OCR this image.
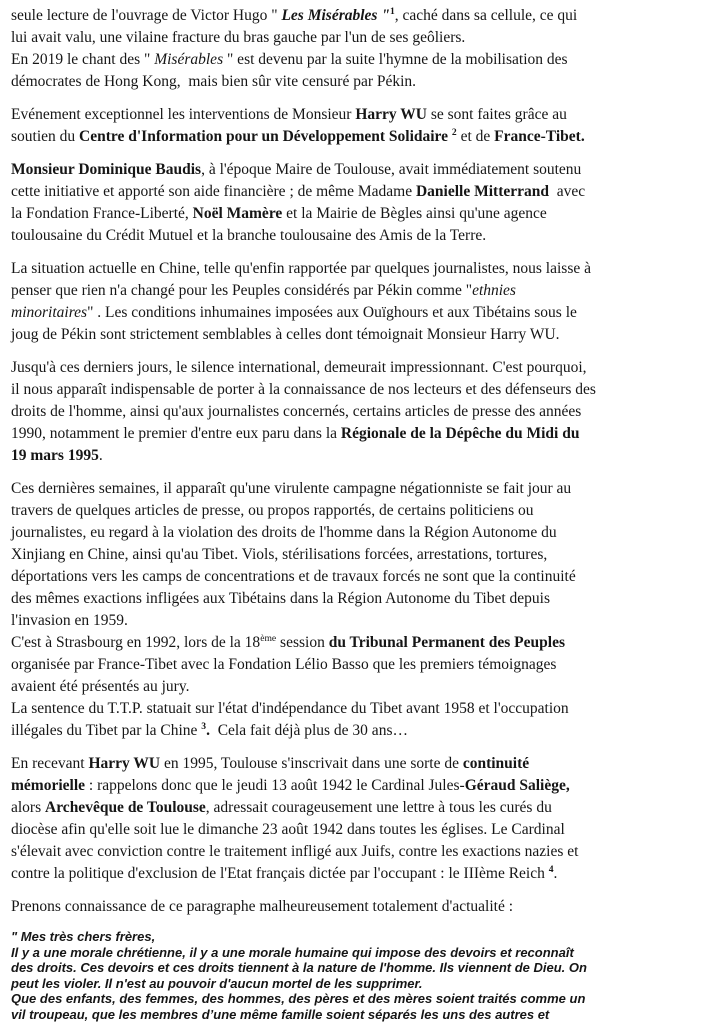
seule lecture de l'ouvrage de Victor Hugo " Les Misérables "$^1$, caché dans sa cellule, ce qui
lui avait valu, une vilaine fracture du bras gauche par l'un de ses geôliers.
En 2019 le chant des " Misérables " est devenu par la suite l'hymne de la mobilisation des
démocrates de Hong Kong,  mais bien sûr vite censuré par Pékin.
Evénement exceptionnel les interventions de Monsieur Harry WU se sont faites grâce au
soutien du Centre d'Information pour un Développement Solidaire $^2$ et de France-Tibet.
Monsieur Dominique Baudis, à l'époque Maire de Toulouse, avait immédiatement soutenu
cette initiative et apporté son aide financière ; de même Madame Danielle Mitterrand  avec
la Fondation France-Liberté, Noël Mamère et la Mairie de Bègles ainsi qu'une agence
toulousaine du Crédit Mutuel et la branche toulousaine des Amis de la Terre.
La situation actuelle en Chine, telle qu'enfin rapportée par quelques journalistes, nous laisse à
penser que rien n'a changé pour les Peuples considérés par Pékin comme "ethnies
minoritaires" . Les conditions inhumaines imposées aux Ouïghours et aux Tibétains sous le
joug de Pékin sont strictement semblables à celles dont témoignait Monsieur Harry WU.
Jusqu'à ces derniers jours, le silence international, demeurait impressionnant. C'est pourquoi,
il nous apparaît indispensable de porter à la connaissance de nos lecteurs et des défenseurs des
droits de l'homme, ainsi qu'aux journalistes concernés, certains articles de presse des années
1990, notamment le premier d'entre eux paru dans la Régionale de la Dépêche du Midi du
19 mars 1995.
Ces dernières semaines, il apparaît qu'une virulente campagne négationniste se fait jour au
travers de quelques articles de presse, ou propos rapportés, de certains politiciens ou
journalistes, eu regard à la violation des droits de l'homme dans la Région Autonome du
Xinjiang en Chine, ainsi qu'au Tibet. Viols, stérilisations forcées, arrestations, tortures,
déportations vers les camps de concentrations et de travaux forcés ne sont que la continuité
des mêmes exactions infligées aux Tibétains dans la Région Autonome du Tibet depuis
l'invasion en 1959.
C'est à Strasbourg en 1992, lors de la 18ème session du Tribunal Permanent des Peuples
organisée par France-Tibet avec la Fondation Lélio Basso que les premiers témoignages
avaient été présentés au jury.
La sentence du T.T.P. statuait sur l'état d'indépendance du Tibet avant 1958 et l'occupation
illégales du Tibet par la Chine $^3$.  Cela fait déjà plus de 30 ans…
En recevant Harry WU en 1995, Toulouse s'inscrivait dans une sorte de continuité
mémorielle : rappelons donc que le jeudi 13 août 1942 le Cardinal Jules-Géraud Saliège,
alors Archevêque de Toulouse, adressait courageusement une lettre à tous les curés du
diocèse afin qu'elle soit lue le dimanche 23 août 1942 dans toutes les églises. Le Cardinal
s'élevait avec conviction contre le traitement infligé aux Juifs, contre les exactions nazies et
contre la politique d'exclusion de l'Etat français dictée par l'occupant : le IIIème Reich $^4$.
Prenons connaissance de ce paragraphe malheureusement totalement d'actualité :
" Mes très chers frères,
Il y a une morale chrétienne, il y a une morale humaine qui impose des devoirs et reconnaît
des droits. Ces devoirs et ces droits tiennent à la nature de l'homme. Ils viennent de Dieu. On
peut les violer. Il n'est au pouvoir d'aucun mortel de les supprimer.
Que des enfants, des femmes, des hommes, des pères et des mères soient traités comme un
vil troupeau, que les membres d’une même famille soient séparés les uns des autres et
